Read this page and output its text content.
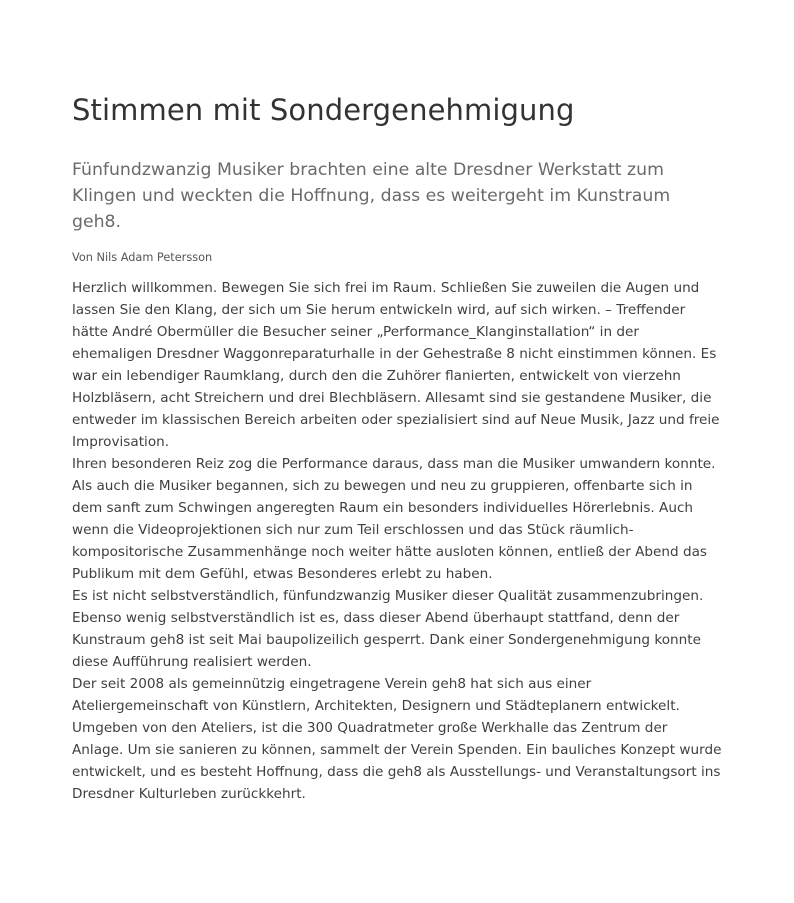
Stimmen mit Sondergenehmigung
Fünfundzwanzig Musiker brachten eine alte Dresdner Werkstatt zum Klingen und weckten die Hoffnung, dass es weitergeht im Kunstraum geh8.
Von Nils Adam Petersson

Herzlich willkommen. Bewegen Sie sich frei im Raum. Schließen Sie zuweilen die Augen und lassen Sie den Klang, der sich um Sie herum entwickeln wird, auf sich wirken. – Treffender hätte André Obermüller die Besucher seiner „Performance_Klanginstallation“ in der ehemaligen Dresdner Waggonreparaturhalle in der Gehestraße 8 nicht einstimmen können. Es war ein lebendiger Raumklang, durch den die Zuhörer flanierten, entwickelt von vierzehn Holzbläsern, acht Streichern und drei Blechbläsern. Allesamt sind sie gestandene Musiker, die entweder im klassischen Bereich arbeiten oder spezialisiert sind auf Neue Musik, Jazz und freie Improvisation.

Ihren besonderen Reiz zog die Performance daraus, dass man die Musiker umwandern konnte. Als auch die Musiker begannen, sich zu bewegen und neu zu gruppieren, offenbarte sich in dem sanft zum Schwingen angeregten Raum ein besonders individuelles Hörerlebnis. Auch wenn die Videoprojektionen sich nur zum Teil erschlossen und das Stück räumlich-kompositorische Zusammenhänge noch weiter hätte ausloten können, entließ der Abend das Publikum mit dem Gefühl, etwas Besonderes erlebt zu haben.

Es ist nicht selbstverständlich, fünfundzwanzig Musiker dieser Qualität zusammenzubringen. Ebenso wenig selbstverständlich ist es, dass dieser Abend überhaupt stattfand, denn der Kunstraum geh8 ist seit Mai baupolizeilich gesperrt. Dank einer Sondergenehmigung konnte diese Aufführung realisiert werden.

Der seit 2008 als gemeinnützig eingetragene Verein geh8 hat sich aus einer Ateliergemeinschaft von Künstlern, Architekten, Designern und Städteplanern entwickelt. Umgeben von den Ateliers, ist die 300 Quadratmeter große Werkhalle das Zentrum der Anlage. Um sie sanieren zu können, sammelt der Verein Spenden. Ein bauliches Konzept wurde entwickelt, und es besteht Hoffnung, dass die geh8 als Ausstellungs- und Veranstaltungsort ins Dresdner Kulturleben zurückkehrt.
